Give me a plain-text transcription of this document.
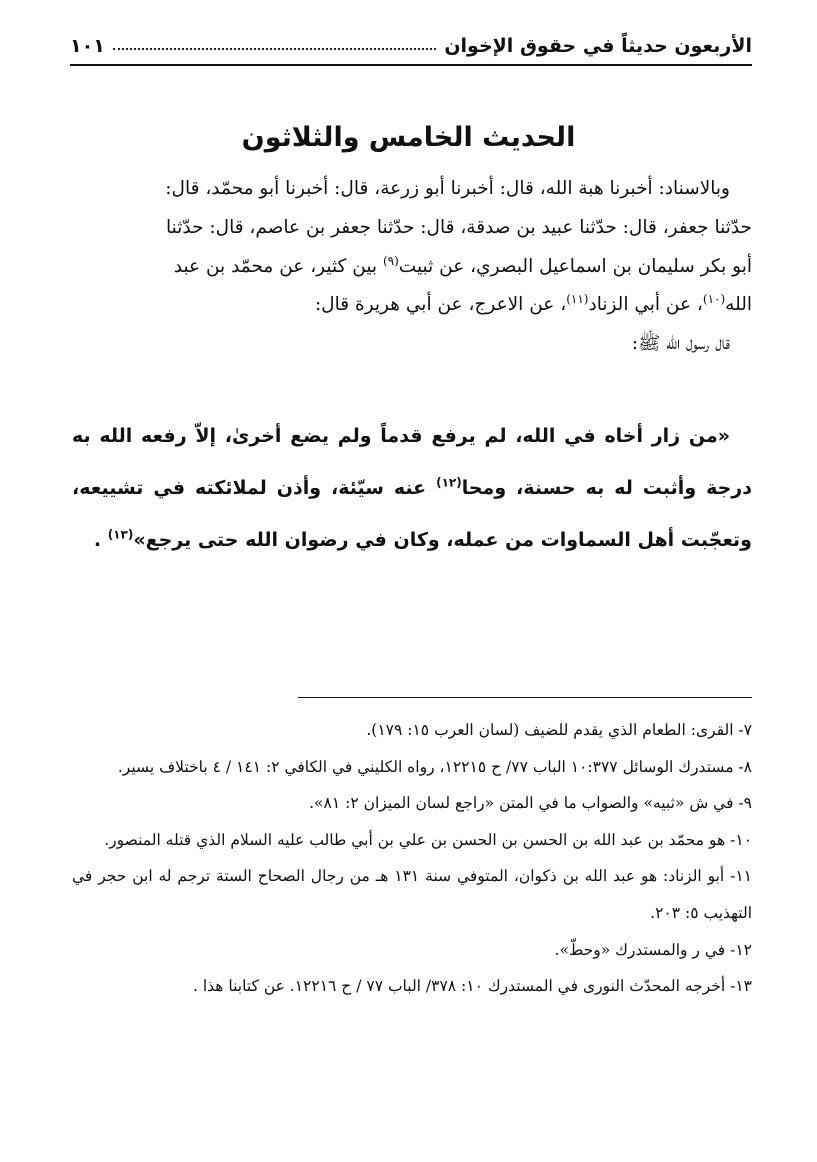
الأربعون حديثاً في حقوق الإخوان
١٠١
الحديث الخامس والثلاثون

وبالاسناد: أخبرنا هبة الله، قال: أخبرنا أبو زرعة، قال: أخبرنا أبو محمّد، قال:

حدّثنا جعفر، قال: حدّثنا عبيد بن صدقة، قال: حدّثنا جعفر بن عاصم، قال: حدّثنا

أبو بكر سليمان بن اسماعيل البصري، عن ثبيت$^{(٩)}$ بين كثير، عن محمّد بن عبد

الله$^{(١٠)}$، عن أبي الزناد$^{(١١)}$، عن الاعرج، عن أبي هريرة قال:

قال رسول الله ﷺ:

«من زار أخاه في الله، لم يرفع قدماً ولم يضع أخرىٰ، إلاّ رفعه الله به درجة وأثبت له به حسنة، ومحا$^{(١٢)}$ عنه سيّئة، وأذن لملائكته في تشييعه، وتعجّبت أهل السماوات من عمله، وكان في رضوان الله حتى يرجع»$^{(١٣)}$ .

٧- القرى: الطعام الذي يقدم للضيف (لسان العرب ١٥: ١٧٩).

٨- مستدرك الوسائل ١٠:٣٧٧ الباب ٧٧/ ح ١٢٢١٥، رواه الكليني في الكافي ٢: ١٤١ / ٤ باختلاف يسير.

٩- في ش «ثبيه» والصواب ما في المتن «راجع لسان الميزان ٢: ٨١».

١٠- هو محمّد بن عبد الله بن الحسن بن الحسن بن علي بن أبي طالب عليه السلام الذي قتله المنصور.

١١- أبو الزناد: هو عبد الله بن ذكوان، المتوفي سنة ١٣١ هـ من رجال الصحاح الستة ترجم له ابن حجر في التهذيب ٥: ٢٠٣.

١٢- في ر والمستدرك «وحطّ».

١٣- أخرجه المحدّث النورى في المستدرك ١٠: ٣٧٨/ الباب ٧٧ / ح ١٢٢١٦. عن كتابنا هذا .
